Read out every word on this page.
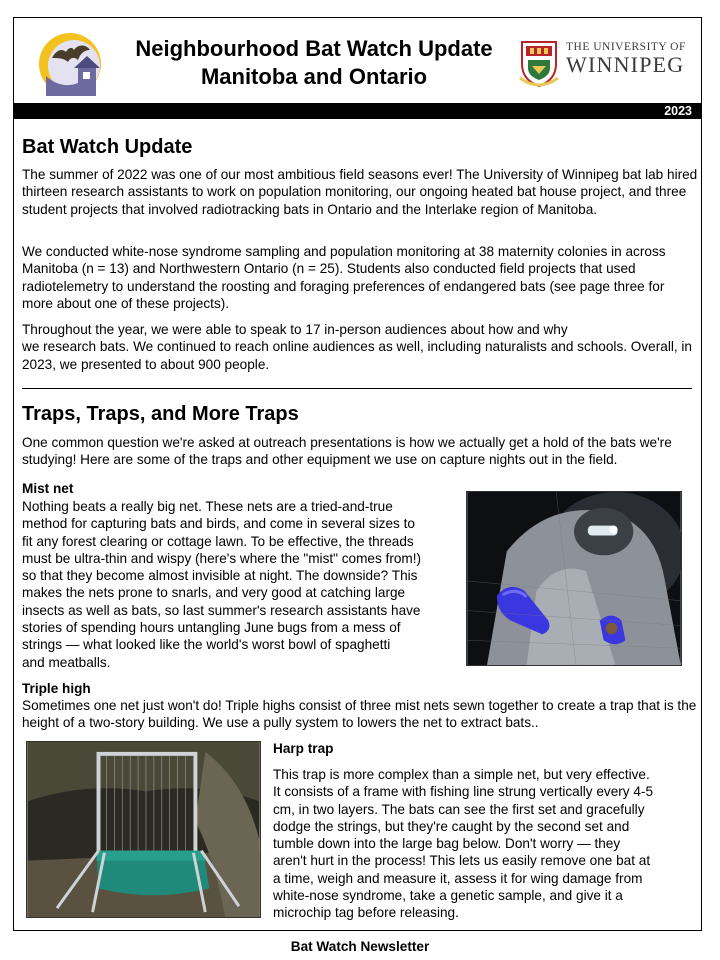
Neighbourhood Bat Watch Update
Manitoba and Ontario
THE UNIVERSITY OF
WINNIPEG
2023
Bat Watch Update

The summer of 2022 was one of our most ambitious field seasons ever! The University of Winnipeg bat lab hired thirteen research assistants to work on population monitoring, our ongoing heated bat house project, and three student projects that involved radiotracking bats in Ontario and the Interlake region of Manitoba.

We conducted white-nose syndrome sampling and population monitoring at 38 maternity colonies in across Manitoba (n = 13) and Northwestern Ontario (n = 25). Students also conducted field projects that used radiotelemetry to understand the roosting and foraging preferences of endangered bats (see page three for more about one of these projects).

Throughout the year, we were able to speak to 17 in-person audiences about how and why
we research bats. We continued to reach online audiences as well, including naturalists and schools. Overall, in 2023, we presented to about 900 people.
Traps, Traps, and More Traps

One common question we're asked at outreach presentations is how we actually get a hold of the bats we're studying! Here are some of the traps and other equipment we use on capture nights out in the field.

Mist net
Nothing beats a really big net. These nets are a tried-and-true
method for capturing bats and birds, and come in several sizes to
fit any forest clearing or cottage lawn. To be effective, the threads
must be ultra-thin and wispy (here's where the "mist" comes from!)
so that they become almost invisible at night. The downside? This
makes the nets prone to snarls, and very good at catching large
insects as well as bats, so last summer's research assistants have
stories of spending hours untangling June bugs from a mess of
strings — what looked like the world's worst bowl of spaghetti
and meatballs.
Triple high

Sometimes one net just won't do! Triple highs consist of three mist nets sewn together to create a trap that is the height of a two-story building. We use a pully system to lowers the net to extract bats..

Harp trap
This trap is more complex than a simple net, but very effective.
It consists of a frame with fishing line strung vertically every 4-5
cm, in two layers. The bats can see the first set and gracefully
dodge the strings, but they're caught by the second set and
tumble down into the large bag below. Don't worry — they
aren't hurt in the process! This lets us easily remove one bat at
a time, weigh and measure it, assess it for wing damage from
white-nose syndrome, take a genetic sample, and give it a
microchip tag before releasing.
Bat Watch Newsletter
